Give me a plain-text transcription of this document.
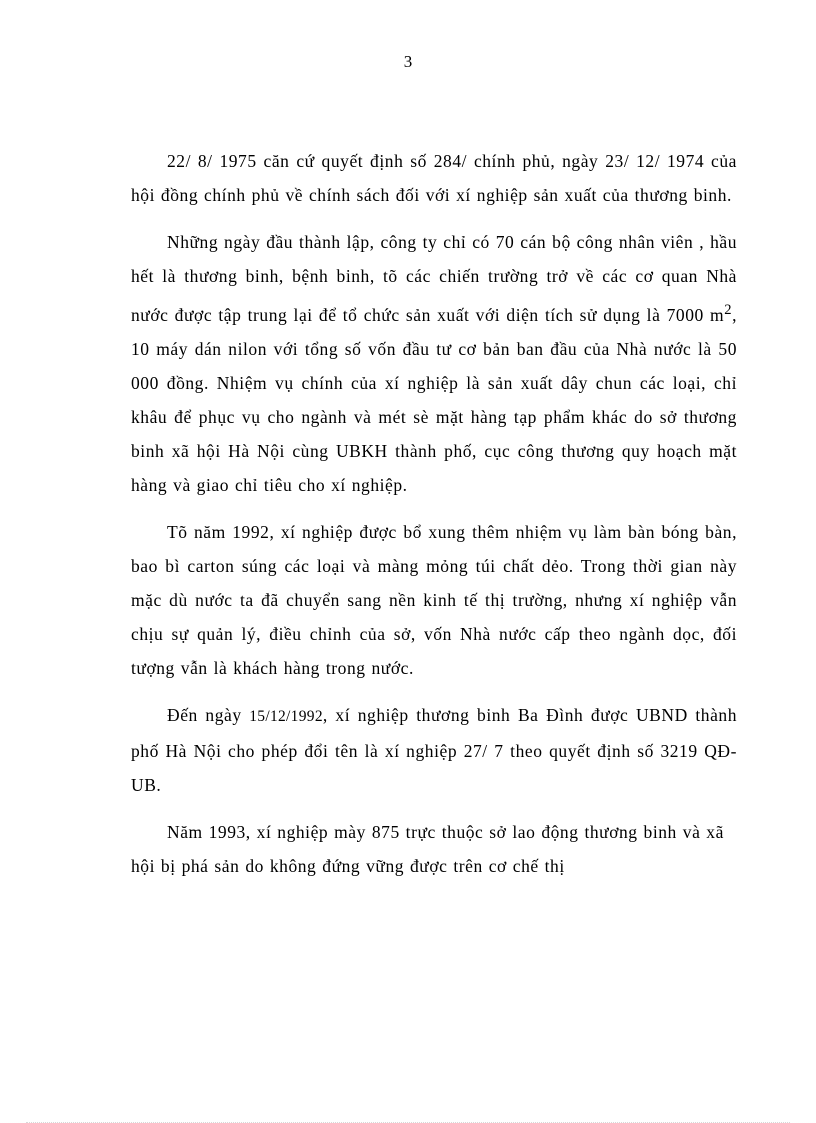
3

22/ 8/ 1975 căn cứ quyết định số 284/ chính phủ, ngày 23/ 12/ 1974 của hội đồng chính phủ về chính sách đối với xí nghiệp sản xuất của thương binh.

Những ngày đầu thành lập, công ty chỉ có 70 cán bộ công nhân viên , hầu hết là thương binh, bệnh binh, tõ các chiến trường trở về các cơ quan Nhà nước được tập trung lại để tổ chức sản xuất với diện tích sử dụng là 7000 $m^2$, 10 máy dán nilon với tổng số vốn đầu tư cơ bản ban đầu của Nhà nước là 50 000 đồng. Nhiệm vụ chính của xí nghiệp là sản xuất dây chun các loại, chỉ khâu để phục vụ cho ngành và mét sè mặt hàng tạp phẩm khác do sở thương binh xã hội Hà Nội cùng UBKH thành phố, cục công thương quy hoạch mặt hàng và giao chỉ tiêu cho xí nghiệp.

Tõ năm 1992, xí nghiệp được bổ xung thêm nhiệm vụ làm bàn bóng bàn, bao bì carton súng các loại và màng mỏng túi chất dẻo. Trong thời gian này mặc dù nước ta đã chuyển sang nền kinh tế thị trường, nhưng xí nghiệp vẫn chịu sự quản lý, điều chỉnh của sở, vốn Nhà nước cấp theo ngành dọc, đối tượng vẫn là khách hàng trong nước.

Đến ngày 15/12/1992, xí nghiệp thương binh Ba Đình được UBND thành phố Hà Nội cho phép đổi tên là xí nghiệp 27/ 7 theo quyết định số 3219 QĐ-UB.

Năm 1993, xí nghiệp mày 875 trực thuộc sở lao động thương binh và xã hội bị phá sản do không đứng vững được trên cơ chế thị
